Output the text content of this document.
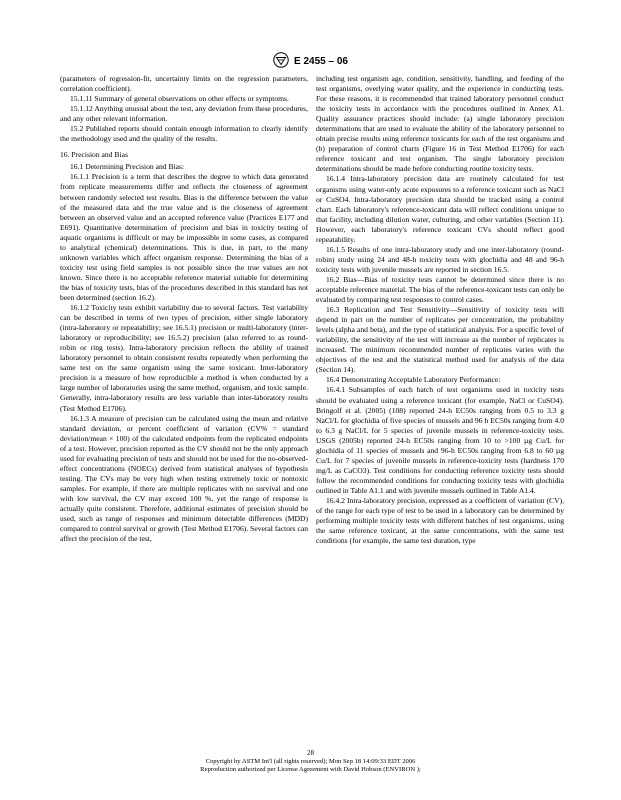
E 2455 – 06

(parameters of regression-fit, uncertainty limits on the regression parameters, correlation coefficient).

15.1.11 Summary of general observations on other effects or symptoms.

15.1.12 Anything unusual about the test, any deviation from these procedures, and any other relevant information.

15.2 Published reports should contain enough information to clearly identify the methodology used and the quality of the results.

16. Precision and Bias

16.1 Determining Precision and Bias:

16.1.1 Precision is a term that describes the degree to which data generated from replicate measurements differ and reflects the closeness of agreement between randomly selected test results. Bias is the difference between the value of the measured data and the true value and is the closeness of agreement between an observed value and an accepted reference value (Practices E177 and E691). Quantitative determination of precision and bias in toxicity testing of aquatic organisms is difficult or may be impossible in some cases, as compared to analytical (chemical) determinations. This is due, in part, to the many unknown variables which affect organism response. Determining the bias of a toxicity test using field samples is not possible since the true values are not known. Since there is no acceptable reference material suitable for determining the bias of toxicity tests, bias of the procedures described in this standard has not been determined (section 16.2).

16.1.2 Toxicity tests exhibit variability due to several factors. Test variability can be described in terms of two types of precision, either single laboratory (intra-laboratory or repeatability; see 16.5.1) precision or multi-laboratory (inter-laboratory or reproducibility; see 16.5.2) precision (also referred to as round-robin or ring tests). Intra-laboratory precision reflects the ability of trained laboratory personnel to obtain consistent results repeatedly when performing the same test on the same organism using the same toxicant. Inter-laboratory precision is a measure of how reproducible a method is when conducted by a large number of laboratories using the same method, organism, and toxic sample. Generally, intra-laboratory results are less variable than inter-laboratory results (Test Method E1706).

16.1.3 A measure of precision can be calculated using the mean and relative standard deviation, or percent coefficient of variation (CV% = standard deviation/mean × 100) of the calculated endpoints from the replicated endpoints of a test. However, precision reported as the CV should not be the only approach used for evaluating precision of tests and should not be used for the no-observed-effect concentrations (NOECs) derived from statistical analyses of hypothesis testing. The CVs may be very high when testing extremely toxic or nontoxic samples. For example, if there are multiple replicates with no survival and one with low survival, the CV may exceed 100 %, yet the range of response is actually quite consistent. Therefore, additional estimates of precision should be used, such as range of responses and minimum detectable differences (MDD) compared to control survival or growth (Test Method E1706). Several factors can affect the precision of the test,

including test organism age, condition, sensitivity, handling, and feeding of the test organisms, overlying water quality, and the experience in conducting tests. For these reasons, it is recommended that trained laboratory personnel conduct the toxicity tests in accordance with the procedures outlined in Annex A1. Quality assurance practices should include: (a) single laboratory precision determinations that are used to evaluate the ability of the laboratory personnel to obtain precise results using reference toxicants for each of the test organisms and (b) preparation of control charts (Figure 16 in Test Method E1706) for each reference toxicant and test organism. The single laboratory precision determinations should be made before conducting routine toxicity tests.

16.1.4 Intra-laboratory precision data are routinely calculated for test organisms using water-only acute exposures to a reference toxicant such as NaCl or CuSO4. Intra-laboratory precision data should be tracked using a control chart. Each laboratory's reference-toxicant data will reflect conditions unique to that facility, including dilution water, culturing, and other variables (Section 11). However, each laboratory's reference toxicant CVs should reflect good repeatability.

16.1.5 Results of one intra-laboratory study and one inter-laboratory (round-robin) study using 24 and 48-h toxicity tests with glochidia and 48 and 96-h toxicity tests with juvenile mussels are reported in section 16.5.

16.2 Bias—Bias of toxicity tests cannot be determined since there is no acceptable reference material. The bias of the reference-toxicant tests can only be evaluated by comparing test responses to control cases.

16.3 Replication and Test Sensitivity—Sensitivity of toxicity tests will depend in part on the number of replicates per concentration, the probability levels (alpha and beta), and the type of statistical analysis. For a specific level of variability, the sensitivity of the test will increase as the number of replicates is increased. The minimum recommended number of replicates varies with the objectives of the test and the statistical method used for analysis of the data (Section 14).

16.4 Demonstrating Acceptable Laboratory Performance:

16.4.1 Subsamples of each batch of test organisms used in toxicity tests should be evaluated using a reference toxicant (for example, NaCl or CuSO4). Bringolf et al. (2005) (108) reported 24-h EC50s ranging from 0.5 to 3.3 g NaCl/L for glochidia of five species of mussels and 96 h EC50s ranging from 4.0 to 6.3 g NaCl/L for 5 species of juvenile mussels in reference-toxicity tests. USGS (2005b) reported 24-h EC50s ranging from 10 to >100 µg Cu/L for glochidia of 11 species of mussels and 96-h EC50s ranging from 6.8 to 60 µg Cu/L for 7 species of juvenile mussels in reference-toxicity tests (hardness 170 mg/L as CaCO3). Test conditions for conducting reference toxicity tests should follow the recommended conditions for conducting toxicity tests with glochidia outlined in Table A1.1 and with juvenile mussels outlined in Table A1.4.

16.4.2 Intra-laboratory precision, expressed as a coefficient of variation (CV), of the range for each type of test to be used in a laboratory can be determined by performing multiple toxicity tests with different batches of test organisms, using the same reference toxicant, at the same concentrations, with the same test conditions (for example, the same test duration, type

28
Copyright by ASTM Int'l (all rights reserved); Mon Sep 18 14:09:33 EDT 2006
Reproduction authorized per License Agreement with David Hobson (ENVIRON );
